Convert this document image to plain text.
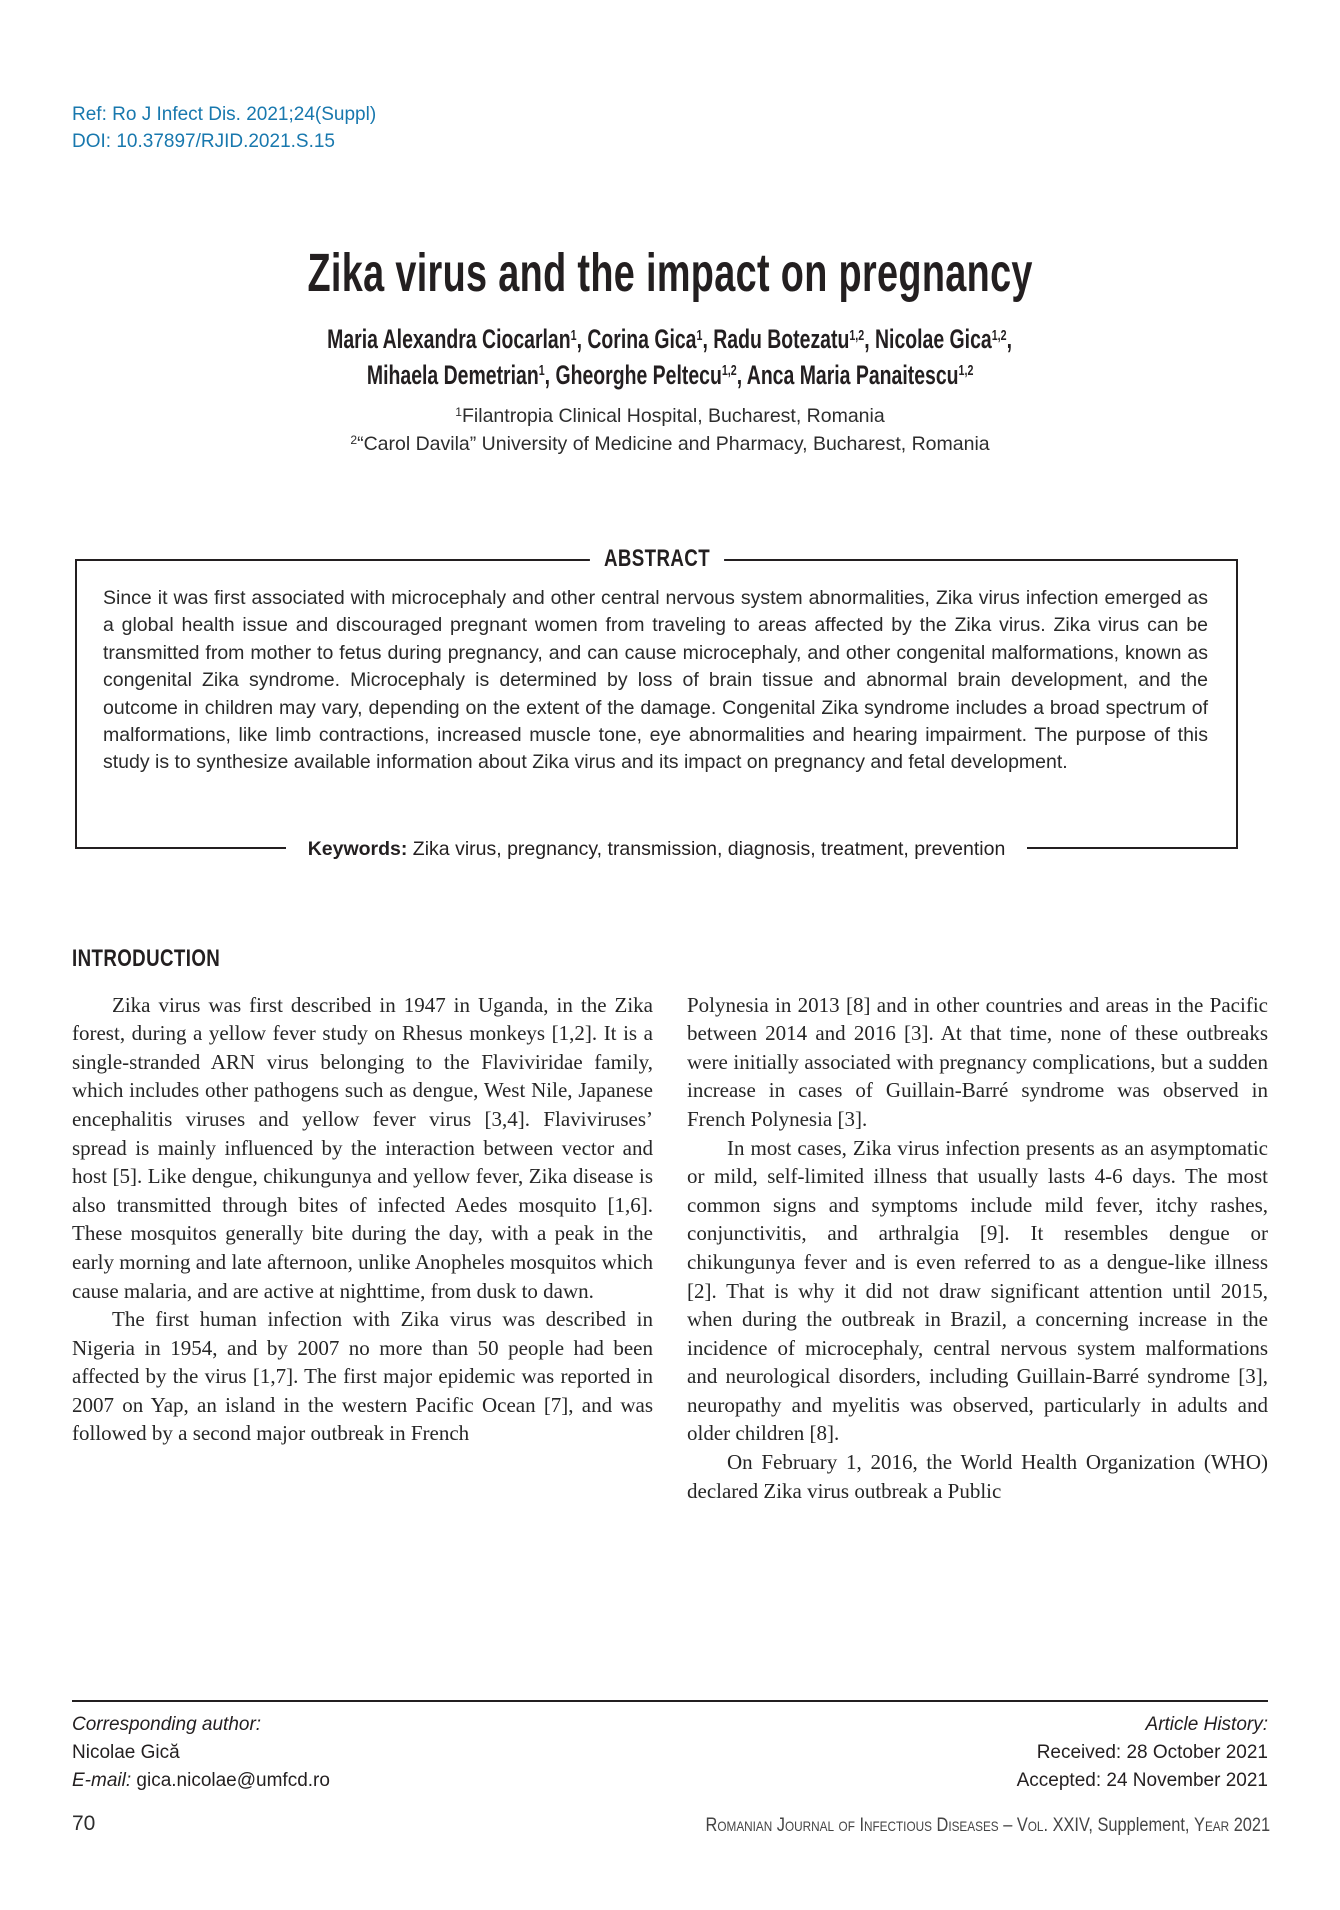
Ref: Ro J Infect Dis. 2021;24(Suppl)
DOI: 10.37897/RJID.2021.S.15
Zika virus and the impact on pregnancy
Maria Alexandra Ciocarlan$^1$, Corina Gica$^1$, Radu Botezatu$^{1,2}$, Nicolae Gica$^{1,2}$,
Mihaela Demetrian$^1$, Gheorghe Peltecu$^{1,2}$, Anca Maria Panaitescu$^{1,2}$
$^1$Filantropia Clinical Hospital, Bucharest, Romania
$^2$“Carol Davila” University of Medicine and Pharmacy, Bucharest, Romania
ABSTRACT
Since it was first associated with microcephaly and other central nervous system abnormalities, Zika virus infection emerged as a global health issue and discouraged pregnant women from traveling to areas affected by the Zika virus. Zika virus can be transmitted from mother to fetus during pregnancy, and can cause microcephaly, and other congenital malformations, known as congenital Zika syndrome. Microcephaly is determined by loss of brain tissue and abnormal brain development, and the outcome in children may vary, depending on the extent of the damage. Congenital Zika syndrome includes a broad spectrum of malformations, like limb contractions, increased muscle tone, eye abnormalities and hearing impairment. The purpose of this study is to synthesize available information about Zika virus and its impact on pregnancy and fetal development.
Keywords: Zika virus, pregnancy, transmission, diagnosis, treatment, prevention
INTRODUCTION

Zika virus was first described in 1947 in Uganda, in the Zika forest, during a yellow fever study on Rhesus monkeys [1,2]. It is a single-stranded ARN virus belonging to the Flaviviridae family, which includes other pathogens such as dengue, West Nile, Japanese encephalitis viruses and yellow fever virus [3,4]. Flaviviruses’ spread is mainly influenced by the interaction between vector and host [5]. Like dengue, chikungunya and yellow fever, Zika disease is also transmitted through bites of infected Aedes mosquito [1,6]. These mosquitos generally bite during the day, with a peak in the early morning and late afternoon, unlike Anopheles mosquitos which cause malaria, and are active at nighttime, from dusk to dawn.

The first human infection with Zika virus was described in Nigeria in 1954, and by 2007 no more than 50 people had been affected by the virus [1,7]. The first major epidemic was reported in 2007 on Yap, an island in the western Pacific Ocean [7], and was followed by a second major outbreak in French

Polynesia in 2013 [8] and in other countries and areas in the Pacific between 2014 and 2016 [3]. At that time, none of these outbreaks were initially associated with pregnancy complications, but a sudden increase in cases of Guillain-Barré syndrome was observed in French Polynesia [3].

In most cases, Zika virus infection presents as an asymptomatic or mild, self-limited illness that usually lasts 4-6 days. The most common signs and symptoms include mild fever, itchy rashes, conjunctivitis, and arthralgia [9]. It resembles dengue or chikungunya fever and is even referred to as a dengue-like illness [2]. That is why it did not draw significant attention until 2015, when during the outbreak in Brazil, a concerning increase in the incidence of microcephaly, central nervous system malformations and neurological disorders, including Guillain-Barré syndrome [3], neuropathy and myelitis was observed, particularly in adults and older children [8].

On February 1, 2016, the World Health Organization (WHO) declared Zika virus outbreak a Public

Corresponding author:
Nicolae Gică
E-mail: gica.nicolae@umfcd.ro
Article History:
Received: 28 October 2021
Accepted: 24 November 2021
70	Romanian Journal of Infectious Diseases – Vol. XXIV, Supplement, Year 2021
